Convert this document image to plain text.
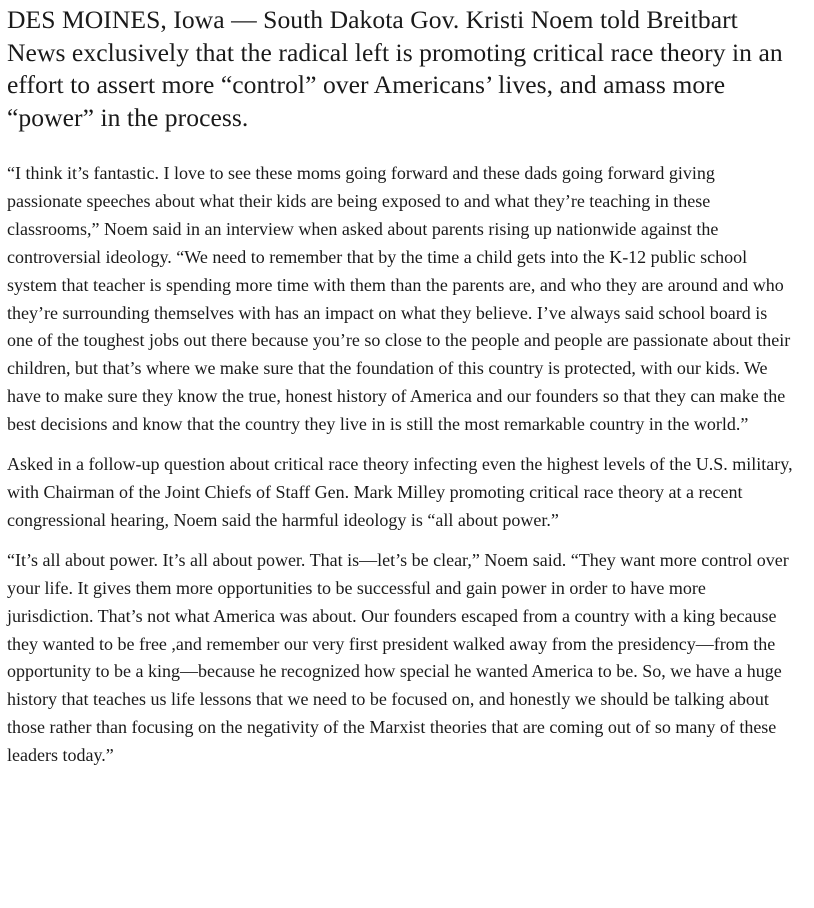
DES MOINES, Iowa — South Dakota Gov. Kristi Noem told Breitbart News exclusively that the radical left is promoting critical race theory in an effort to assert more “control” over Americans’ lives, and amass more “power” in the process.

“I think it’s fantastic. I love to see these moms going forward and these dads going forward giving passionate speeches about what their kids are being exposed to and what they’re teaching in these classrooms,” Noem said in an interview when asked about parents rising up nationwide against the controversial ideology. “We need to remember that by the time a child gets into the K-12 public school system that teacher is spending more time with them than the parents are, and who they are around and who they’re surrounding themselves with has an impact on what they believe. I’ve always said school board is one of the toughest jobs out there because you’re so close to the people and people are passionate about their children, but that’s where we make sure that the foundation of this country is protected, with our kids. We have to make sure they know the true, honest history of America and our founders so that they can make the best decisions and know that the country they live in is still the most remarkable country in the world.”

Asked in a follow-up question about critical race theory infecting even the highest levels of the U.S. military, with Chairman of the Joint Chiefs of Staff Gen. Mark Milley promoting critical race theory at a recent congressional hearing, Noem said the harmful ideology is “all about power.”

“It’s all about power. It’s all about power. That is—let’s be clear,” Noem said. “They want more control over your life. It gives them more opportunities to be successful and gain power in order to have more jurisdiction. That’s not what America was about. Our founders escaped from a country with a king because they wanted to be free ,and remember our very first president walked away from the presidency—from the opportunity to be a king—because he recognized how special he wanted America to be. So, we have a huge history that teaches us life lessons that we need to be focused on, and honestly we should be talking about those rather than focusing on the negativity of the Marxist theories that are coming out of so many of these leaders today.”
